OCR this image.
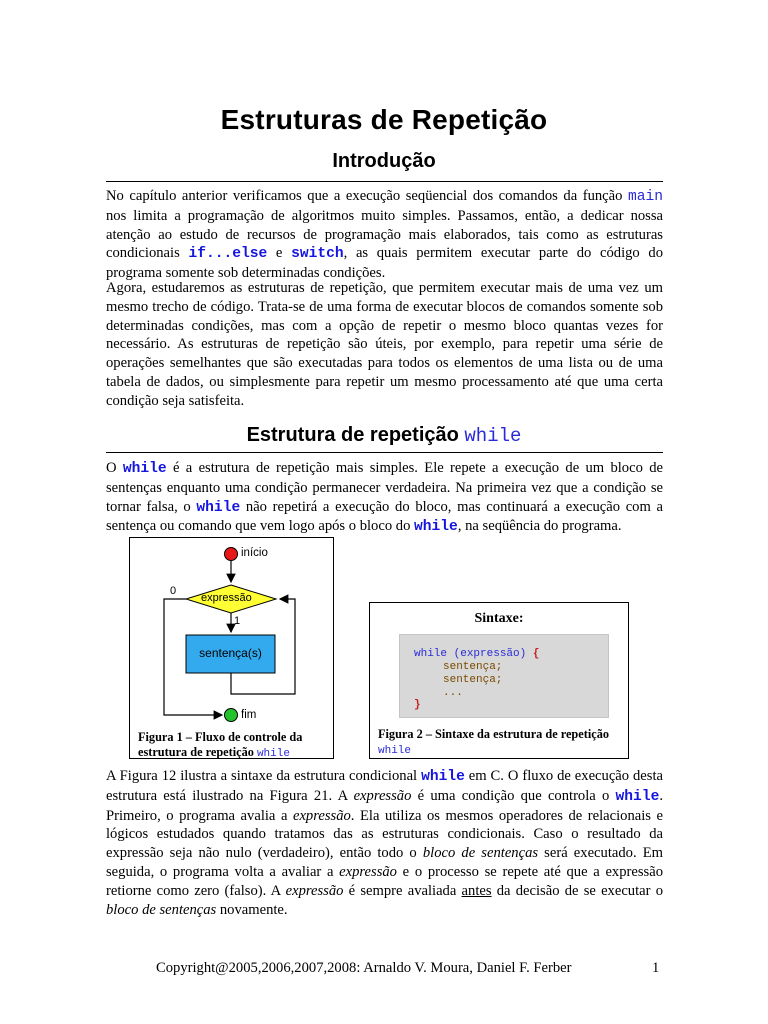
Estruturas de Repetição
Introdução

No capítulo anterior verificamos que a execução seqüencial dos comandos da função main nos limita a programação de algoritmos muito simples. Passamos, então, a dedicar nossa atenção ao estudo de recursos de programação mais elaborados, tais como as estruturas condicionais if...else e switch, as quais permitem executar parte do código do programa somente sob determinadas condições.

Agora, estudaremos as estruturas de repetição, que permitem executar mais de uma vez um mesmo trecho de código. Trata-se de uma forma de executar blocos de comandos somente sob determinadas condições, mas com a opção de repetir o mesmo bloco quantas vezes for necessário. As estruturas de repetição são úteis, por exemplo, para repetir uma série de operações semelhantes que são executadas para todos os elementos de uma lista ou de uma tabela de dados, ou simplesmente para repetir um mesmo processamento até que uma certa condição seja satisfeita.

Estrutura de repetição while

O while é a estrutura de repetição mais simples. Ele repete a execução de um bloco de sentenças enquanto uma condição permanecer verdadeira. Na primeira vez que a condição se tornar falsa, o while não repetirá a execução do bloco, mas continuará a execução com a sentença ou comando que vem logo após o bloco do while, na seqüência do programa.

início
expressão
0
1
sentença(s)
fim
Figura 1 – Fluxo de controle da estrutura de repetição while
Sintaxe:
while (expressão) {
sentença;
sentença;
...
}
Figura 2 – Sintaxe da estrutura de repetição
while

A Figura 12 ilustra a sintaxe da estrutura condicional while em C. O fluxo de execução desta estrutura está ilustrado na Figura 21. A expressão é uma condição que controla o while. Primeiro, o programa avalia a expressão. Ela utiliza os mesmos operadores de relacionais e lógicos estudados quando tratamos das as estruturas condicionais. Caso o resultado da expressão seja não nulo (verdadeiro), então todo o bloco de sentenças será executado. Em seguida, o programa volta a avaliar a expressão e o processo se repete até que a expressão retiorne como zero (falso). A expressão é sempre avaliada antes da decisão de se executar o bloco de sentenças novamente.

Copyright@2005,2006,2007,2008: Arnaldo V. Moura, Daniel F. Ferber	1
